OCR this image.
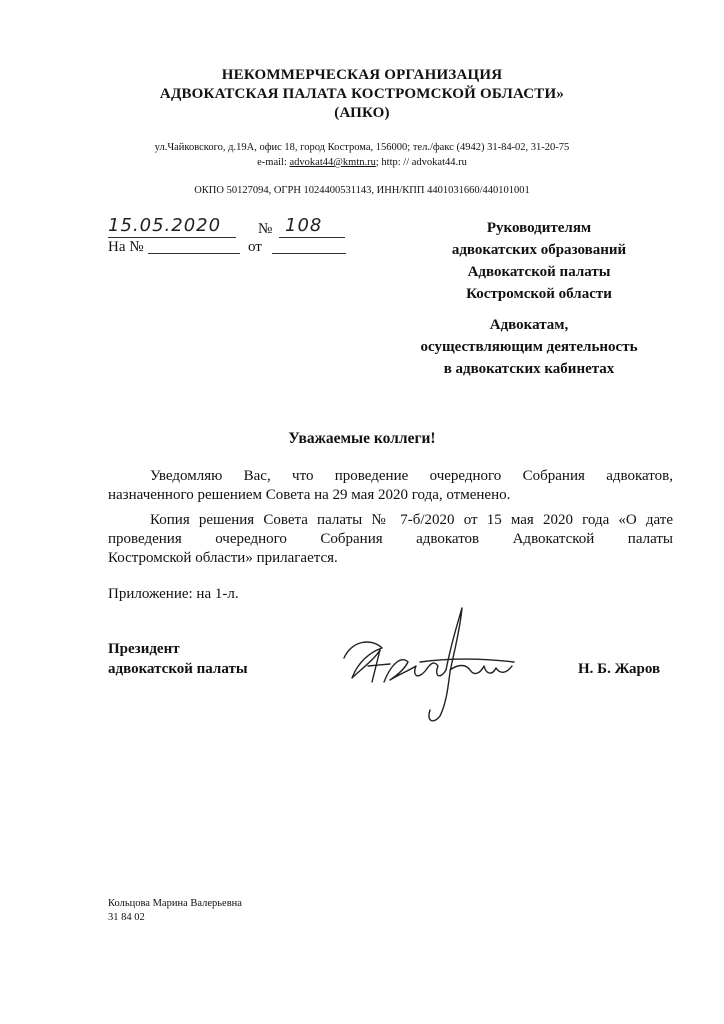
НЕКОММЕРЧЕСКАЯ ОРГАНИЗАЦИЯ
АДВОКАТСКАЯ ПАЛАТА КОСТРОМСКОЙ ОБЛАСТИ»
(АПКО)
ул.Чайковского, д.19А, офис 18, город Кострома, 156000; тел./факс (4942) 31-84-02, 31-20-75
e-mail: advokat44@kmtn.ru; http: // advokat44.ru
ОКПО 50127094, ОГРН 1024400531143, ИНН/КПП 4401031660/440101001
15.05.2020 № 108
На №	от
Руководителям
адвокатских образований
Адвокатской палаты
Костромской области
Адвокатам,
осуществляющим деятельность
в адвокатских кабинетах
Уважаемые коллеги!
Уведомляю Вас, что проведение очередного Собрания адвокатов,
назначенного решением Совета на 29 мая 2020 года, отменено.
Копия решения Совета палаты № 7-б/2020 от 15 мая 2020 года «О дате
проведения очередного Собрания адвокатов Адвокатской палаты
Костромской области» прилагается.
Приложение: на 1-л.
Президент
адвокатской палаты	Н. Б. Жаров
Кольцова Марина Валерьевна
31 84 02
